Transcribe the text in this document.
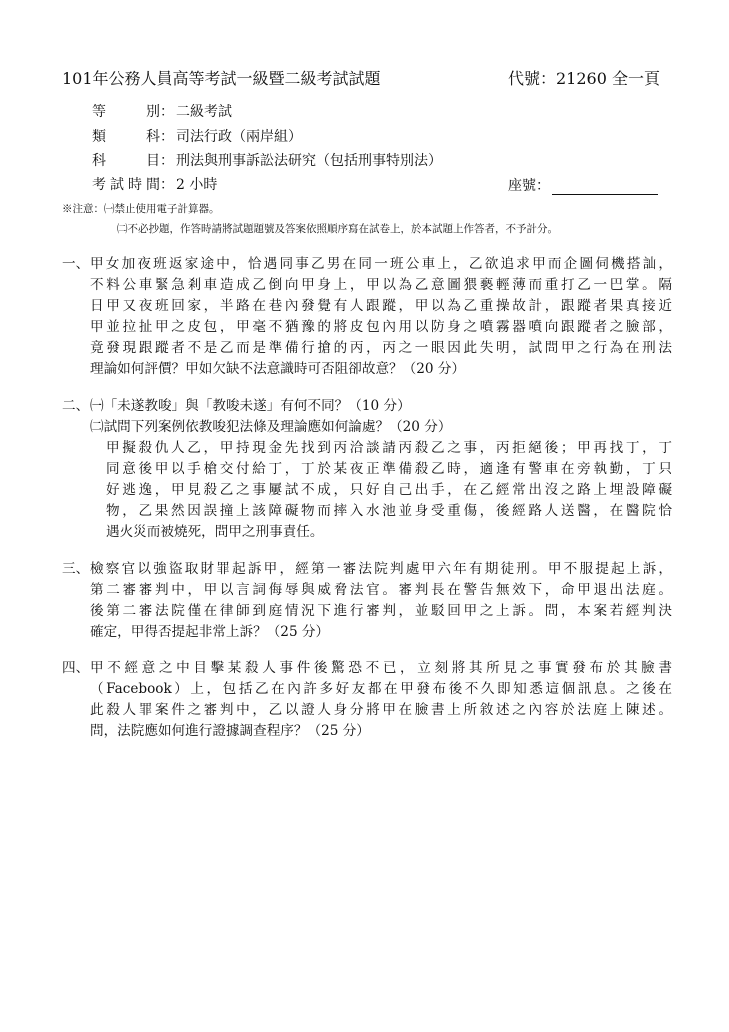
101年公務人員高等考試一級暨二級考試試題	代號：21260 全一頁
等別 ： 二級考試
類科 ： 司法行政（兩岸組）
科目 ： 刑法與刑事訴訟法研究（包括刑事特別法）
考試時間 ： 2 小時	座號：
※注意：㈠禁止使用電子計算器。
㈡不必抄題，作答時請將試題題號及答案依照順序寫在試卷上，於本試題上作答者，不予計分。
一、 甲女加夜班返家途中，恰遇同事乙男在同一班公車上，乙欲追求甲而企圖伺機搭訕，
不料公車緊急剎車造成乙倒向甲身上，甲以為乙意圖猥褻輕薄而重打乙一巴掌。隔
日甲又夜班回家，半路在巷內發覺有人跟蹤，甲以為乙重操故計，跟蹤者果真接近
甲並拉扯甲之皮包，甲毫不猶豫的將皮包內用以防身之噴霧器噴向跟蹤者之臉部，
竟發現跟蹤者不是乙而是準備行搶的丙，丙之一眼因此失明，試問甲之行為在刑法
理論如何評價？甲如欠缺不法意識時可否阻卻故意？（20 分）
二、 ㈠「未遂教唆」與「教唆未遂」有何不同？（10 分）
㈡試問下列案例依教唆犯法條及理論應如何論處？（20 分）
甲擬殺仇人乙，甲持現金先找到丙洽談請丙殺乙之事，丙拒絕後；甲再找丁，丁
同意後甲以手槍交付給丁，丁於某夜正準備殺乙時，適逢有警車在旁執勤，丁只
好逃逸，甲見殺乙之事屢試不成，只好自己出手，在乙經常出沒之路上埋設障礙
物，乙果然因誤撞上該障礙物而摔入水池並身受重傷，後經路人送醫，在醫院恰
遇火災而被燒死，問甲之刑事責任。
三、 檢察官以強盜取財罪起訴甲，經第一審法院判處甲六年有期徒刑。甲不服提起上訴，
第二審審判中，甲以言詞侮辱與威脅法官。審判長在警告無效下，命甲退出法庭。
後第二審法院僅在律師到庭情況下進行審判，並駁回甲之上訴。問，本案若經判決
確定，甲得否提起非常上訴？（25 分）
四、 甲不經意之中目擊某殺人事件後驚恐不已，立刻將其所見之事實發布於其臉書
（Facebook）上，包括乙在內許多好友都在甲發布後不久即知悉這個訊息。之後在
此殺人罪案件之審判中，乙以證人身分將甲在臉書上所敘述之內容於法庭上陳述。
問，法院應如何進行證據調查程序？（25 分）
